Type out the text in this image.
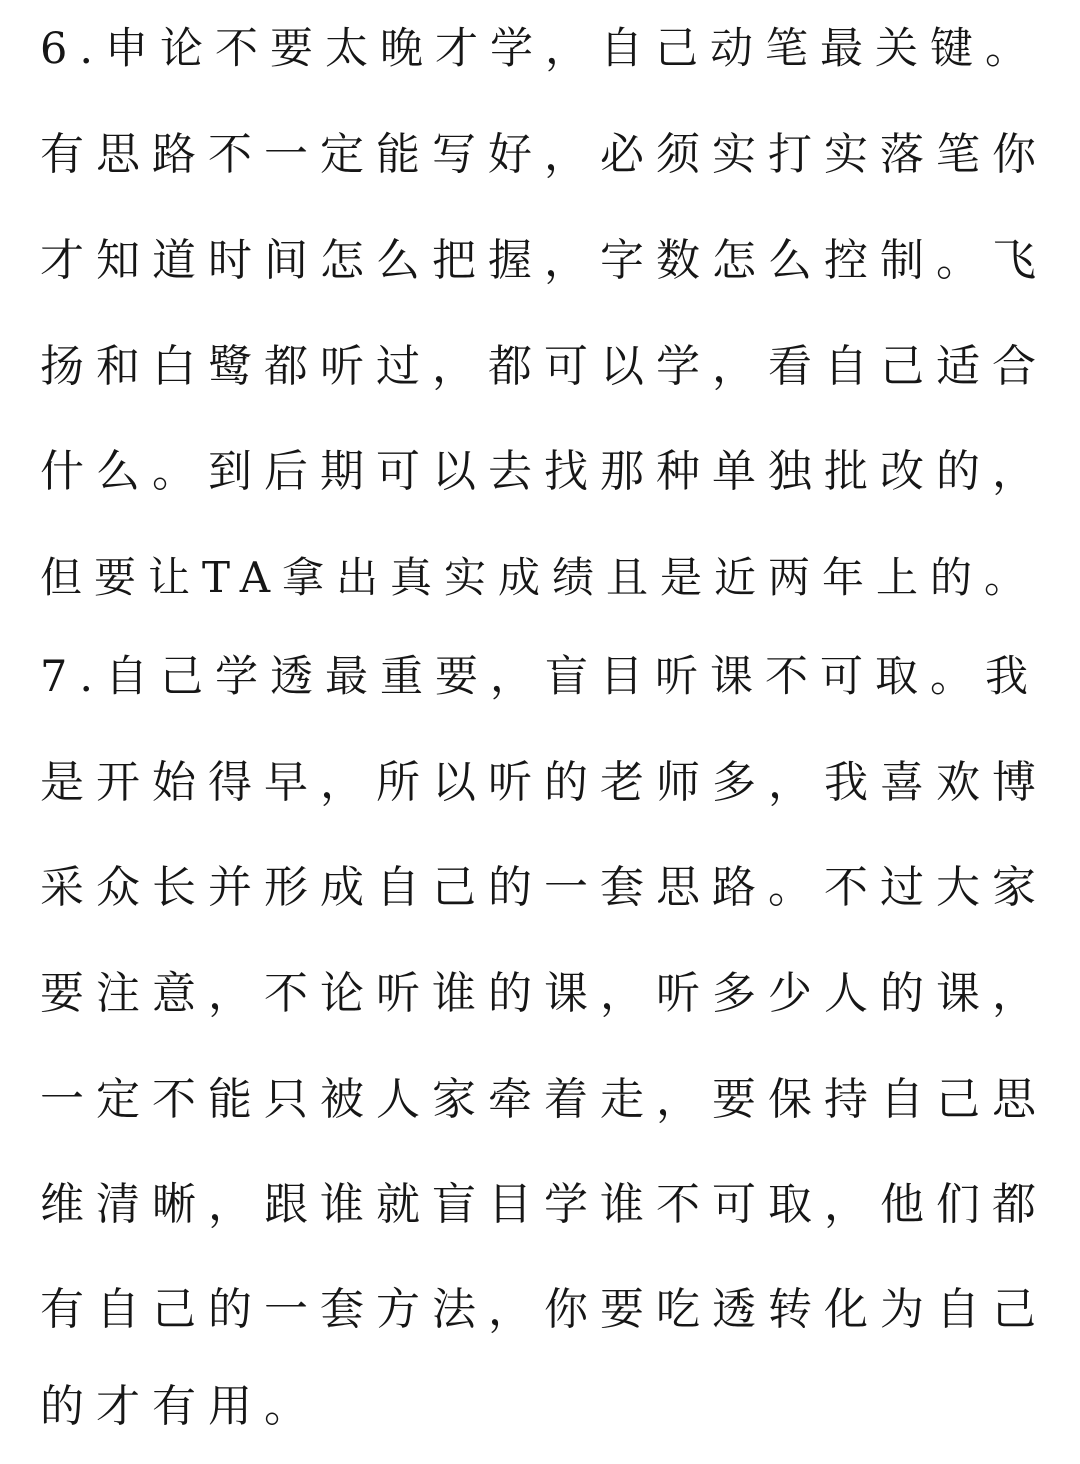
6.申论不要太晚才学，自己动笔最关键。
有思路不一定能写好，必须实打实落笔你
才知道时间怎么把握，字数怎么控制。飞
扬和白鹭都听过，都可以学，看自己适合
什么。到后期可以去找那种单独批改的，
但要让TA拿出真实成绩且是近两年上的。
7.自己学透最重要，盲目听课不可取。我
是开始得早，所以听的老师多，我喜欢博
采众长并形成自己的一套思路。不过大家
要注意，不论听谁的课，听多少人的课，
一定不能只被人家牵着走，要保持自己思
维清晰，跟谁就盲目学谁不可取，他们都
有自己的一套方法，你要吃透转化为自己
的才有用。
